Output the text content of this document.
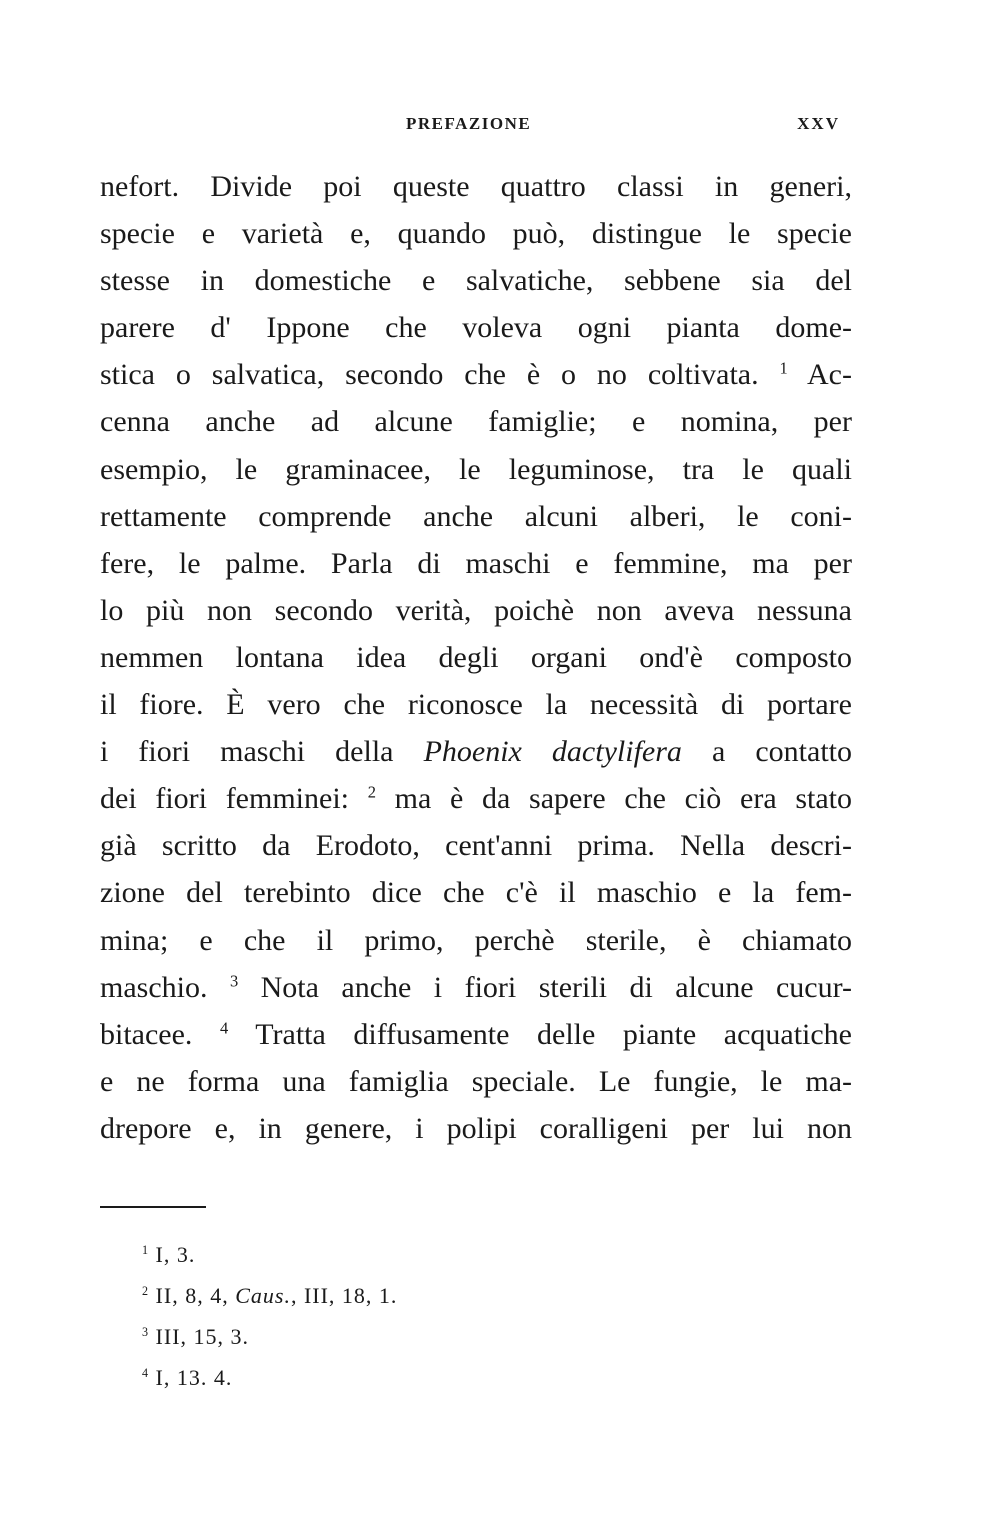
PREFAZIONE	XXV
nefort. Divide poi queste quattro classi in generi,
specie e varietà e, quando può, distingue le specie
stesse in domestiche e salvatiche, sebbene sia del
parere d' Ippone che voleva ogni pianta dome-
stica o salvatica, secondo che è o no coltivata. $^1$ Ac-
cenna anche ad alcune famiglie; e nomina, per
esempio, le graminacee, le leguminose, tra le quali
rettamente comprende anche alcuni alberi, le coni-
fere, le palme. Parla di maschi e femmine, ma per
lo più non secondo verità, poichè non aveva nessuna
nemmen lontana idea degli organi ond'è composto
il fiore. È vero che riconosce la necessità di portare
i fiori maschi della Phoenix dactylifera a contatto
dei fiori femminei: $^2$ ma è da sapere che ciò era stato
già scritto da Erodoto, cent'anni prima. Nella descri-
zione del terebinto dice che c'è il maschio e la fem-
mina; e che il primo, perchè sterile, è chiamato
maschio. $^3$ Nota anche i fiori sterili di alcune cucur-
bitacee. $^4$ Tratta diffusamente delle piante acquatiche
e ne forma una famiglia speciale. Le fungie, le ma-
drepore e, in genere, i polipi coralligeni per lui non
$^1$ I, 3.
$^2$ II, 8, 4, Caus., III, 18, 1.
$^3$ III, 15, 3.
$^4$ I, 13. 4.
